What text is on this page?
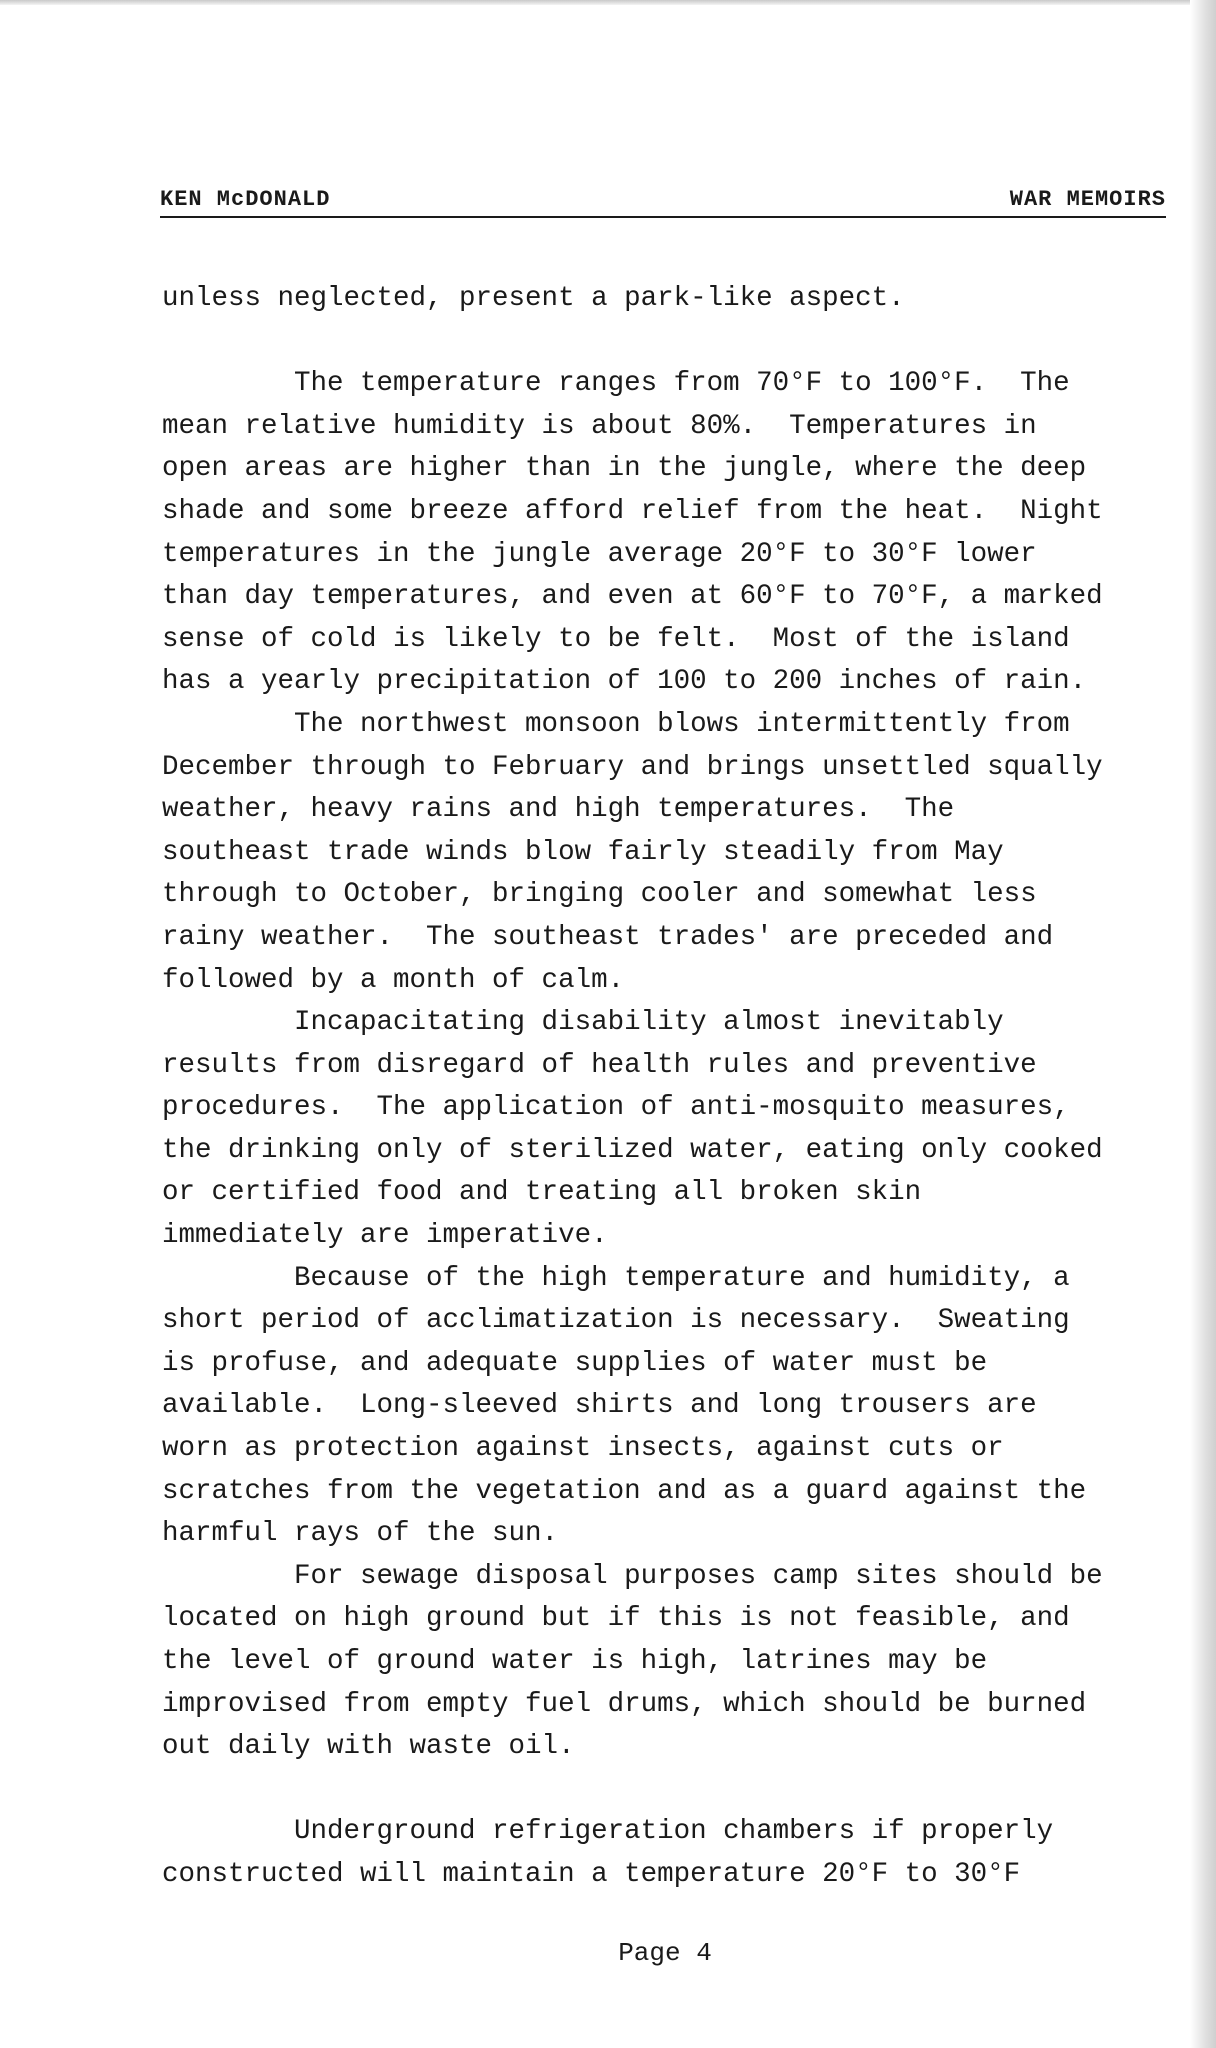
KEN McDONALD	WAR MEMOIRS
unless neglected, present a park-like aspect.
The temperature ranges from 70°F to 100°F.  The
mean relative humidity is about 80%.  Temperatures in
open areas are higher than in the jungle, where the deep
shade and some breeze afford relief from the heat.  Night
temperatures in the jungle average 20°F to 30°F lower
than day temperatures, and even at 60°F to 70°F, a marked
sense of cold is likely to be felt.  Most of the island
has a yearly precipitation of 100 to 200 inches of rain.
The northwest monsoon blows intermittently from
December through to February and brings unsettled squally
weather, heavy rains and high temperatures.  The
southeast trade winds blow fairly steadily from May
through to October, bringing cooler and somewhat less
rainy weather.  The southeast trades' are preceded and
followed by a month of calm.
Incapacitating disability almost inevitably
results from disregard of health rules and preventive
procedures.  The application of anti-mosquito measures,
the drinking only of sterilized water, eating only cooked
or certified food and treating all broken skin
immediately are imperative.
Because of the high temperature and humidity, a
short period of acclimatization is necessary.  Sweating
is profuse, and adequate supplies of water must be
available.  Long-sleeved shirts and long trousers are
worn as protection against insects, against cuts or
scratches from the vegetation and as a guard against the
harmful rays of the sun.
For sewage disposal purposes camp sites should be
located on high ground but if this is not feasible, and
the level of ground water is high, latrines may be
improvised from empty fuel drums, which should be burned
out daily with waste oil.
Underground refrigeration chambers if properly
constructed will maintain a temperature 20°F to 30°F
Page 4
